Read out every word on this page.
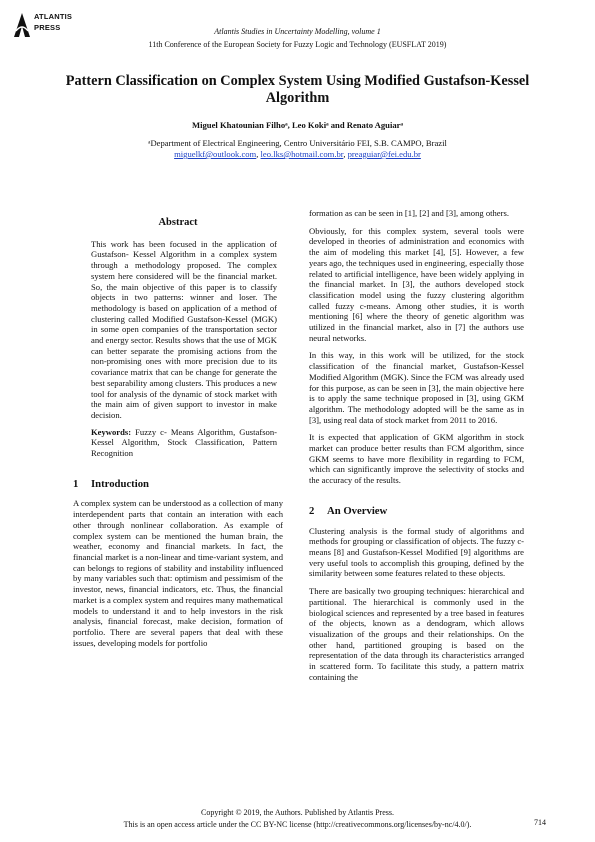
ATLANTIS
PRESS	Atlantis Studies in Uncertainty Modelling, volume 1
11th Conference of the European Society for Fuzzy Logic and Technology (EUSFLAT 2019)
Pattern Classification on Complex System Using Modified Gustafson-Kessel Algorithm
Miguel Khatounian Filhoᵃ, Leo Kokiᵃ and Renato Aguiarᵃ
ᵃDepartment of Electrical Engineering, Centro Universitário FEI, S.B. CAMPO, Brazil
miguelkf@outlook.com, leo.lks@hotmail.com.br, preaguiar@fei.edu.br
Abstract

This work has been focused in the application of Gustafson- Kessel Algorithm in a complex system through a methodology proposed. The complex system here considered will be the financial market. So, the main objective of this paper is to classify objects in two patterns: winner and loser. The methodology is based on application of a method of clustering called Modified Gustafson-Kessel (MGK) in some open companies of the transportation sector and energy sector. Results shows that the use of MGK can better separate the promising actions from the non-promising ones with more precision due to its covariance matrix that can be change for generate the best separability among clusters. This produces a new tool for analysis of the dynamic of stock market with the main aim of given support to investor in make decision.

Keywords: Fuzzy c- Means Algorithm, Gustafson- Kessel Algorithm, Stock Classification, Pattern Recognition

1 Introduction

A complex system can be understood as a collection of many interdependent parts that contain an interation with each other through nonlinear collaboration. As example of complex system can be mentioned the human brain, the weather, economy and financial markets. In fact, the financial market is a non-linear and time-variant system, and can belongs to regions of stability and instability influenced by many variables such that: optimism and pessimism of the investor, news, financial indicators, etc. Thus, the financial market is a complex system and requires many mathematical models to understand it and to help investors in the risk analysis, financial forecast, make decision, formation of portfolio. There are several papers that deal with these issues, developing models for portfolio

formation as can be seen in [1], [2] and [3], among others.

Obviously, for this complex system, several tools were developed in theories of administration and economics with the aim of modeling this market [4], [5]. However, a few years ago, the techniques used in engineering, especially those related to artificial intelligence, have been widely applying in the financial market. In [3], the authors developed stock classification model using the fuzzy clustering algorithm called fuzzy c-means. Among other studies, it is worth mentioning [6] where the theory of genetic algorithm was utilized in the financial market, also in [7] the authors use neural networks.

In this way, in this work will be utilized, for the stock classification of the financial market, Gustafson-Kessel Modified Algorithm (MGK). Since the FCM was already used for this purpose, as can be seen in [3], the main objective here is to apply the same technique proposed in [3], using GKM algorithm. The methodology adopted will be the same as in [3], using real data of stock market from 2011 to 2016.

It is expected that application of GKM algorithm in stock market can produce better results than FCM algorithm, since GKM seems to have more flexibility in regarding to FCM, which can significantly improve the selectivity of stocks and the accuracy of the results.

2 An Overview

Clustering analysis is the formal study of algorithms and methods for grouping or classification of objects. The fuzzy c-means [8] and Gustafson-Kessel Modified [9] algorithms are very useful tools to accomplish this grouping, defined by the similarity between some features related to these objects.

There are basically two grouping techniques: hierarchical and partitional. The hierarchical is commonly used in the biological sciences and represented by a tree based in features of the objects, known as a dendogram, which allows visualization of the groups and their relationships. On the other hand, partitioned grouping is based on the representation of the data through its characteristics arranged in scattered form. To facilitate this study, a pattern matrix containing the

Copyright © 2019, the Authors. Published by Atlantis Press.
This is an open access article under the CC BY-NC license (http://creativecommons.org/licenses/by-nc/4.0/).	714
